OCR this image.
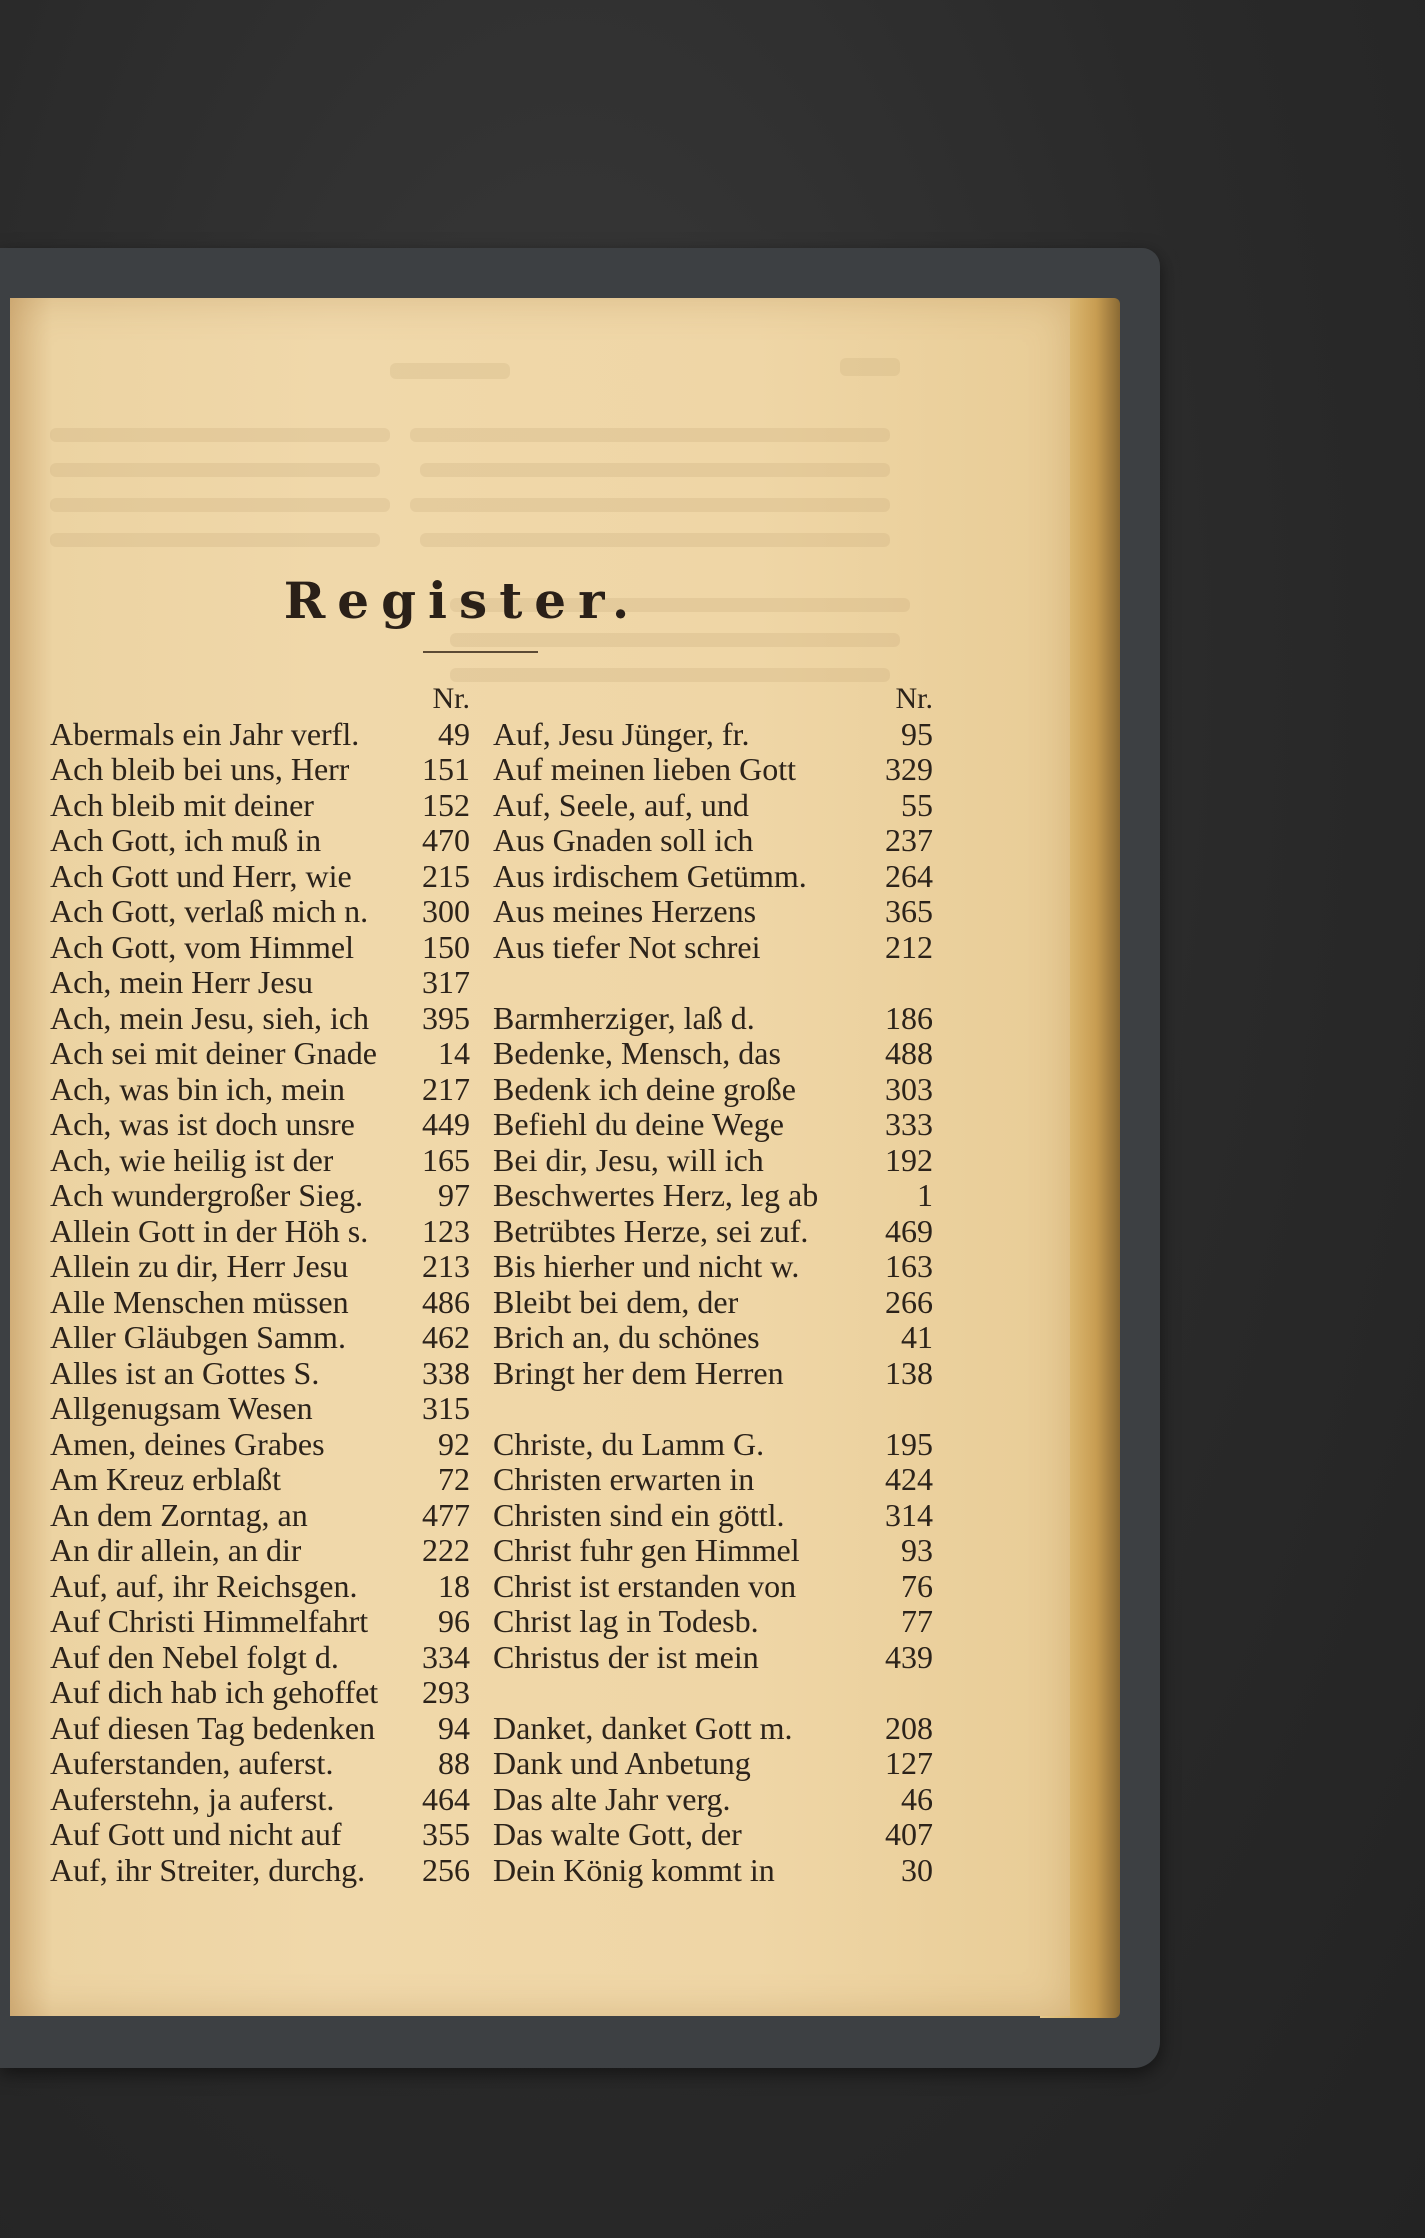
Register.
Nr.
Abermals ein Jahr verfl. 49
Ach bleib bei uns, Herr 151
Ach bleib mit deiner	152
Ach Gott, ich muß in	470
Ach Gott und Herr, wie 215
Ach Gott, verlaß mich n. 300
Ach Gott, vom Himmel 150
Ach, mein Herr Jesu	317
Ach, mein Jesu, sieh, ich 395
Ach sei mit deiner Gnade 14
Ach, was bin ich, mein 217
Ach, was ist doch unsre 449
Ach, wie heilig ist der	165
Ach wundergroßer Sieg. 97
Allein Gott in der Höh s. 123
Allein zu dir, Herr Jesu 213
Alle Menschen müssen 486
Aller Gläubgen Samm. 462
Alles ist an Gottes S.	338
Allgenugsam Wesen	315
Amen, deines Grabes	92
Am Kreuz erblaßt	72
An dem Zorntag, an	477
An dir allein, an dir	222
Auf, auf, ihr Reichsgen.	18
Auf Christi Himmelfahrt 96
Auf den Nebel folgt d.	334
Auf dich hab ich gehoffet 293
Auf diesen Tag bedenken 94
Auferstanden, auferst.	88
Auferstehn, ja auferst.	464
Auf Gott und nicht auf	355
Auf, ihr Streiter, durchg. 256
Nr.
Auf, Jesu Jünger, fr.	95
Auf meinen lieben Gott	329
Auf, Seele, auf, und	55
Aus Gnaden soll ich	237
Aus irdischem Getümm. 264
Aus meines Herzens	365
Aus tiefer Not schrei	212
Barmherziger, laß d.	186
Bedenke, Mensch, das	488
Bedenk ich deine große	303
Befiehl du deine Wege	333
Bei dir, Jesu, will ich	192
Beschwertes Herz, leg ab	1
Betrübtes Herze, sei zuf. 469
Bis hierher und nicht w.	163
Bleibt bei dem, der	266
Brich an, du schönes	41
Bringt her dem Herren	138
Christe, du Lamm G.	195
Christen erwarten in	424
Christen sind ein göttl.	314
Christ fuhr gen Himmel	93
Christ ist erstanden von	76
Christ lag in Todesb.	77
Christus der ist mein	439
Danket, danket Gott m.	208
Dank und Anbetung	127
Das alte Jahr verg.	46
Das walte Gott, der	407
Dein König kommt in	30
